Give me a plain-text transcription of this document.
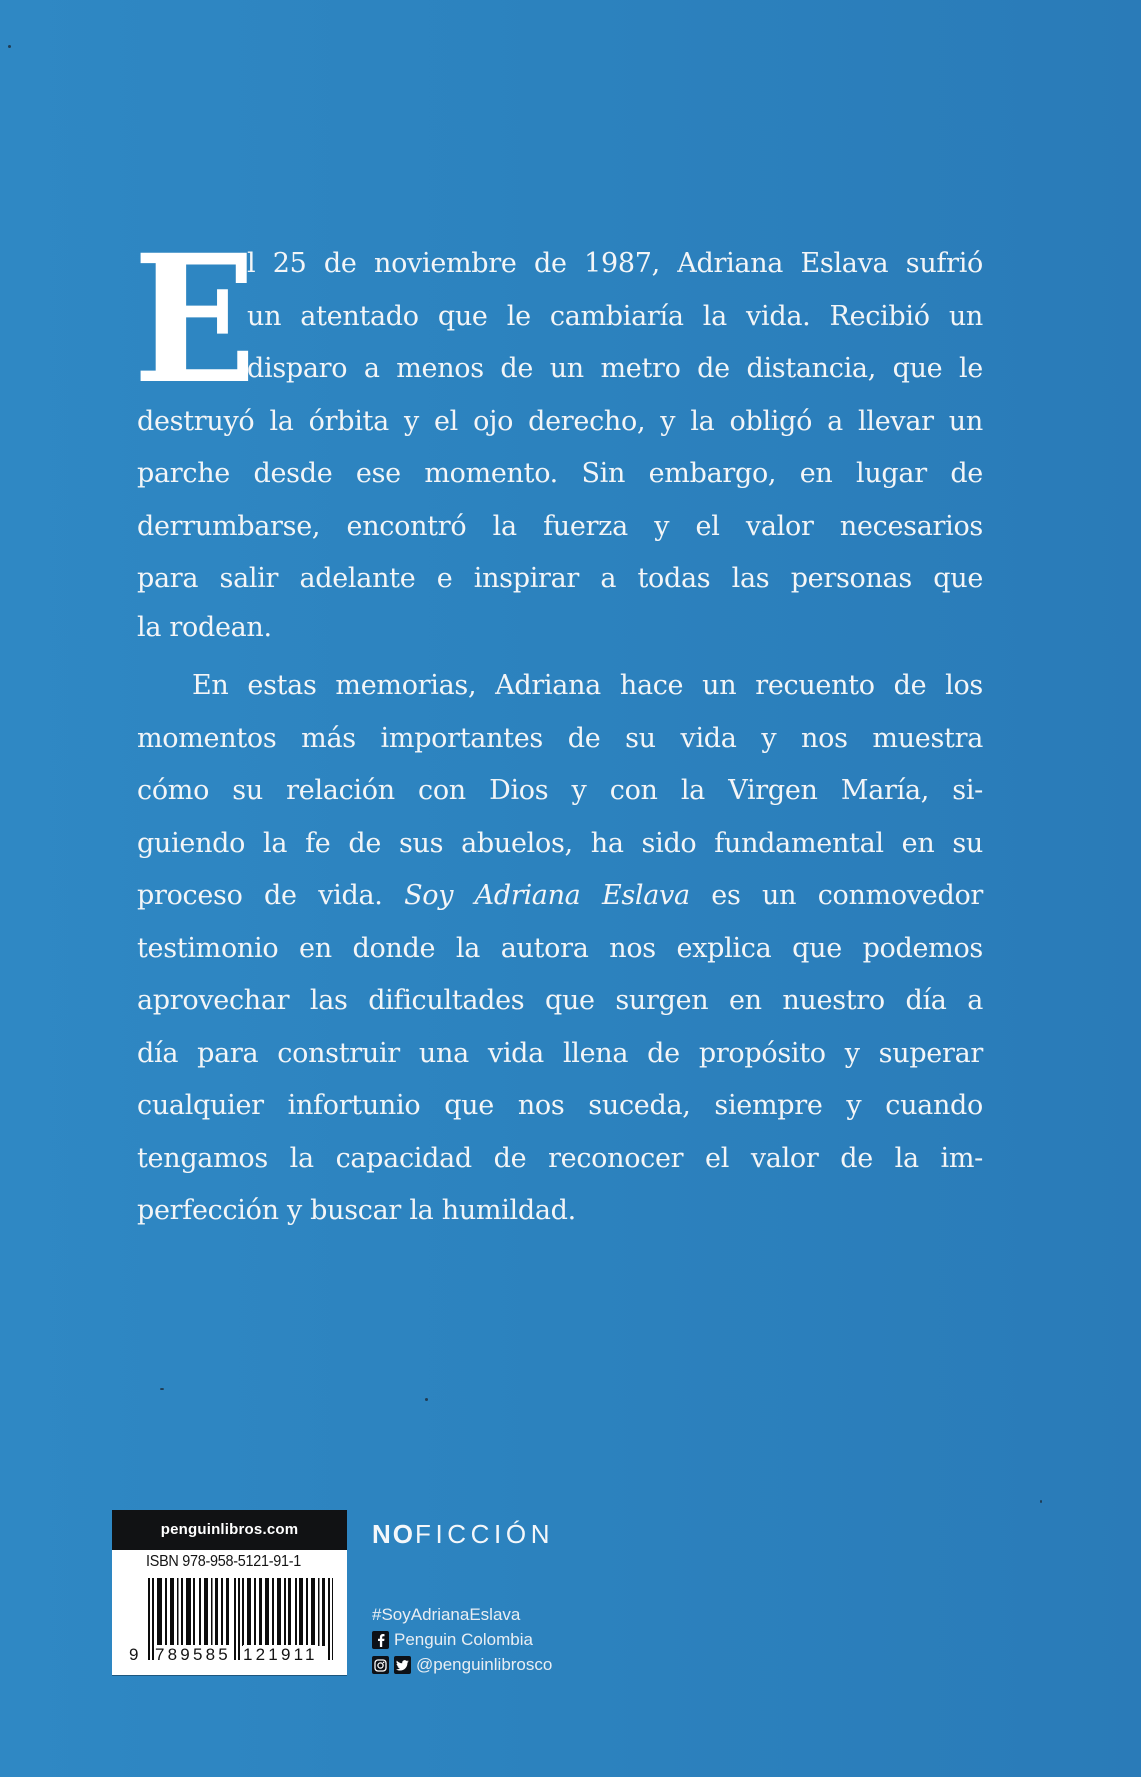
E
l 25 de noviembre de 1987, Adriana Eslava sufrió
un atentado que le cambiaría la vida. Recibió un
disparo a menos de un metro de distancia, que le
destruyó la órbita y el ojo derecho, y la obligó a llevar un
parche desde ese momento. Sin embargo, en lugar de
derrumbarse, encontró la fuerza y el valor necesarios
para salir adelante e inspirar a todas las personas que
la rodean.
En estas memorias, Adriana hace un recuento de los
momentos más importantes de su vida y nos muestra
cómo su relación con Dios y con la Virgen María, si-
guiendo la fe de sus abuelos, ha sido fundamental en su
proceso de vida. Soy Adriana Eslava es un conmovedor
testimonio en donde la autora nos explica que podemos
aprovechar las dificultades que surgen en nuestro día a
día para construir una vida llena de propósito y superar
cualquier infortunio que nos suceda, siempre y cuando
tengamos la capacidad de reconocer el valor de la im-
perfección y buscar la humildad.
penguinlibros.com
ISBN 978-958-5121-91-1
9 789585 121911
NOFICCIÓN
#SoyAdrianaEslava
Penguin Colombia
@penguinlibrosco
